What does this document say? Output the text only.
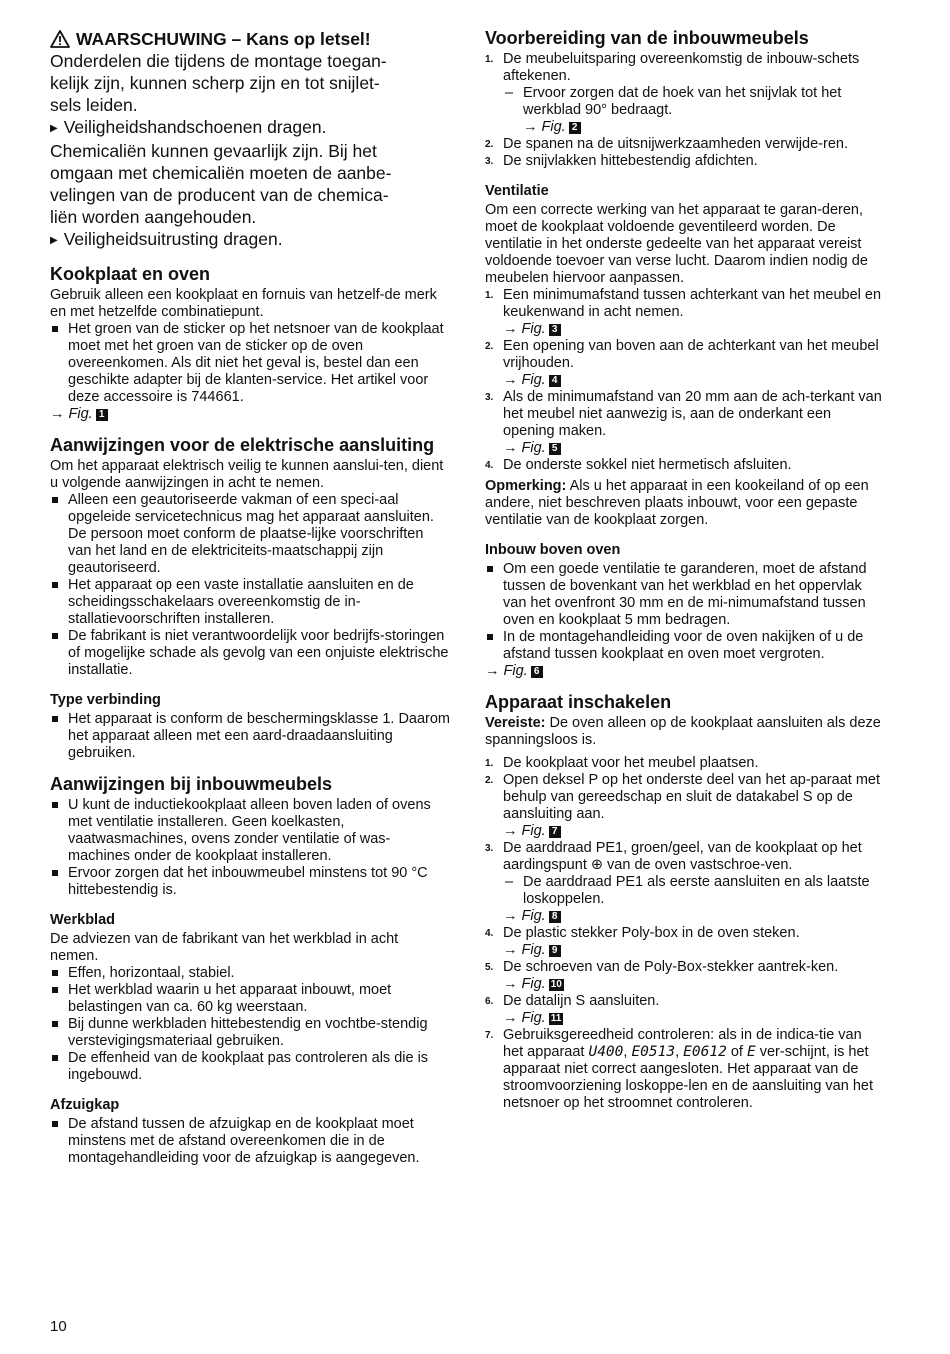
WAARSCHUWING – Kans op letsel!

Onderdelen die tijdens de montage toegan-

kelijk zijn, kunnen scherp zijn en tot snijlet-

sels leiden.

▶ Veiligheidshandschoenen dragen.

Chemicaliën kunnen gevaarlijk zijn. Bij het

omgaan met chemicaliën moeten de aanbe-

velingen van de producent van de chemica-

liën worden aangehouden.

▶ Veiligheidsuitrusting dragen.

Kookplaat en oven

Gebruik alleen een kookplaat en fornuis van hetzelf-de merk en met hetzelfde combinatiepunt.

Het groen van de sticker op het netsnoer van de kookplaat moet met het groen van de sticker op de oven overeenkomen. Als dit niet het geval is, bestel dan een geschikte adapter bij de klanten-service. Het artikel voor deze accessoire is 744661.
→ Fig. 1
Aanwijzingen voor de elektrische aansluiting

Om het apparaat elektrisch veilig te kunnen aanslui-ten, dient u volgende aanwijzingen in acht te nemen.

Alleen een geautoriseerde vakman of een speci-aal opgeleide servicetechnicus mag het apparaat aansluiten. De persoon moet conform de plaatse-lijke voorschriften van het land en de elektriciteits-maatschappij zijn geautoriseerd.
Het apparaat op een vaste installatie aansluiten en de scheidingsschakelaars overeenkomstig de in-stallatievoorschriften installeren.
De fabrikant is niet verantwoordelijk voor bedrijfs-storingen of mogelijke schade als gevolg van een onjuiste elektrische installatie.
Type verbinding
Het apparaat is conform de beschermingsklasse 1. Daarom het apparaat alleen met een aard-draadaansluiting gebruiken.
Aanwijzingen bij inbouwmeubels
U kunt de inductiekookplaat alleen boven laden of ovens met ventilatie installeren. Geen koelkasten, vaatwasmachines, ovens zonder ventilatie of was-machines onder de kookplaat installeren.
Ervoor zorgen dat het inbouwmeubel minstens tot 90 °C hittebestendig is.
Werkblad

De adviezen van de fabrikant van het werkblad in acht nemen.

Effen, horizontaal, stabiel.
Het werkblad waarin u het apparaat inbouwt, moet belastingen van ca. 60 kg weerstaan.
Bij dunne werkbladen hittebestendig en vochtbe-stendig verstevigingsmateriaal gebruiken.
De effenheid van de kookplaat pas controleren als die is ingebouwd.
Afzuigkap
De afstand tussen de afzuigkap en de kookplaat moet minstens met de afstand overeenkomen die in de montagehandleiding voor de afzuigkap is aangegeven.
Voorbereiding van de inbouwmeubels
1. De meubeluitsparing overeenkomstig de inbouw-schets aftekenen.
– Ervoor zorgen dat de hoek van het snijvlak tot het werkblad 90° bedraagt.
→ Fig. 2
2. De spanen na de uitsnijwerkzaamheden verwijde-ren.
3. De snijvlakken hittebestendig afdichten.
Ventilatie

Om een correcte werking van het apparaat te garan-deren, moet de kookplaat voldoende geventileerd worden. De ventilatie in het onderste gedeelte van het apparaat vereist voldoende toevoer van verse lucht. Daarom indien nodig de meubelen hiervoor aanpassen.

1. Een minimumafstand tussen achterkant van het meubel en keukenwand in acht nemen.
→ Fig. 3
2. Een opening van boven aan de achterkant van het meubel vrijhouden.
→ Fig. 4
3. Als de minimumafstand van 20 mm aan de ach-terkant van het meubel niet aanwezig is, aan de onderkant een opening maken.
→ Fig. 5
4. De onderste sokkel niet hermetisch afsluiten.

Opmerking: Als u het apparaat in een kookeiland of op een andere, niet beschreven plaats inbouwt, voor een gepaste ventilatie van de kookplaat zorgen.

Inbouw boven oven
Om een goede ventilatie te garanderen, moet de afstand tussen de bovenkant van het werkblad en het oppervlak van het ovenfront 30 mm en de mi-nimumafstand tussen oven en kookplaat 5 mm bedragen.
In de montagehandleiding voor de oven nakijken of u de afstand tussen kookplaat en oven moet vergroten.
→ Fig. 6
Apparaat inschakelen

Vereiste: De oven alleen op de kookplaat aansluiten als deze spanningsloos is.

1. De kookplaat voor het meubel plaatsen.
2. Open deksel P op het onderste deel van het ap-paraat met behulp van gereedschap en sluit de datakabel S op de aansluiting aan.
→ Fig. 7
3. De aarddraad PE1, groen/geel, van de kookplaat op het aardingspunt ⊕ van de oven vastschroe-ven.
– De aarddraad PE1 als eerste aansluiten en als laatste loskoppelen.
→ Fig. 8
4. De plastic stekker Poly-box in de oven steken.
→ Fig. 9
5. De schroeven van de Poly-Box-stekker aantrek-ken.
→ Fig. 10
6. De datalijn S aansluiten.
→ Fig. 11
7. Gebruiksgereedheid controleren: als in de indica-tie van het apparaat U400, E0513, E0612 of E ver-schijnt, is het apparaat niet correct aangesloten. Het apparaat van de stroomvoorziening loskoppe-len en de aansluiting van het netsnoer op het stroomnet controleren.
10
